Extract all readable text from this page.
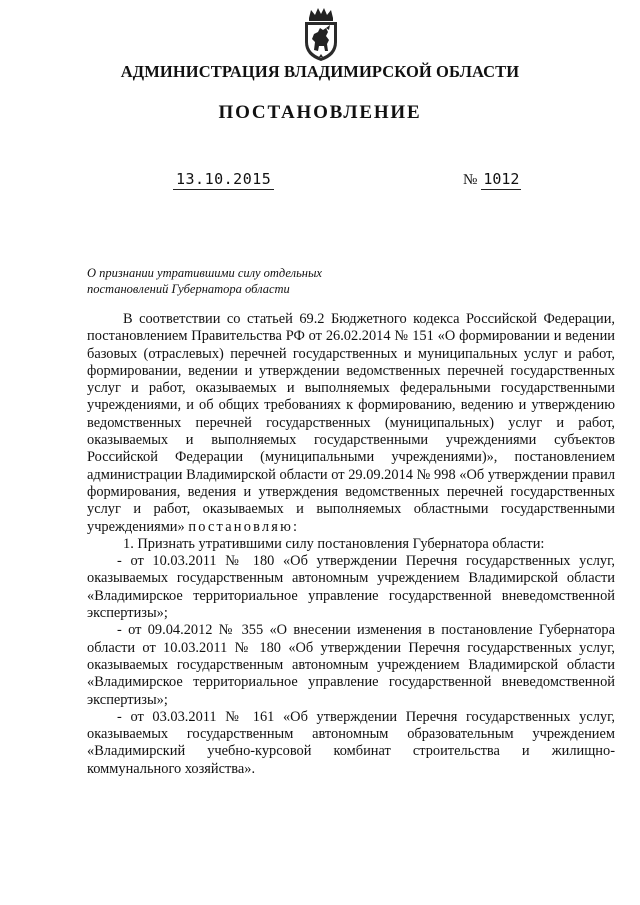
АДМИНИСТРАЦИЯ ВЛАДИМИРСКОЙ ОБЛАСТИ
ПОСТАНОВЛЕНИЕ
13.10.2015	№ 1012
О признании утратившими силу отдельных постановлений Губернатора области

В соответствии со статьей 69.2 Бюджетного кодекса Российской Федерации, постановлением Правительства РФ от 26.02.2014 № 151 «О формировании и ведении базовых (отраслевых) перечней государственных и муниципальных услуг и работ, формировании, ведении и утверждении ведомственных перечней государственных услуг и работ, оказываемых и выполняемых федеральными государственными учреждениями, и об общих требованиях к формированию, ведению и утверждению ведомственных перечней государственных (муниципальных) услуг и работ, оказываемых и выполняемых государственными учреждениями субъектов Российской Федерации (муниципальными учреждениями)», постановлением администрации Владимирской области от 29.09.2014 № 998 «Об утверждении правил формирования, ведения и утверждения ведомственных перечней государственных услуг и работ, оказываемых и выполняемых областными государственными учреждениями» постановляю:

1. Признать утратившими силу постановления Губернатора области:

- от 10.03.2011 № 180 «Об утверждении Перечня государственных услуг, оказываемых государственным автономным учреждением Владимирской области «Владимирское территориальное управление государственной вневедомственной экспертизы»;

- от 09.04.2012 № 355 «О внесении изменения в постановление Губернатора области от 10.03.2011 № 180 «Об утверждении Перечня государственных услуг, оказываемых государственным автономным учреждением Владимирской области «Владимирское территориальное управление государственной вневедомственной экспертизы»;

- от 03.03.2011 № 161 «Об утверждении Перечня государственных услуг, оказываемых государственным автономным образовательным учреждением «Владимирский учебно-курсовой комбинат строительства и жилищно-коммунального хозяйства».
